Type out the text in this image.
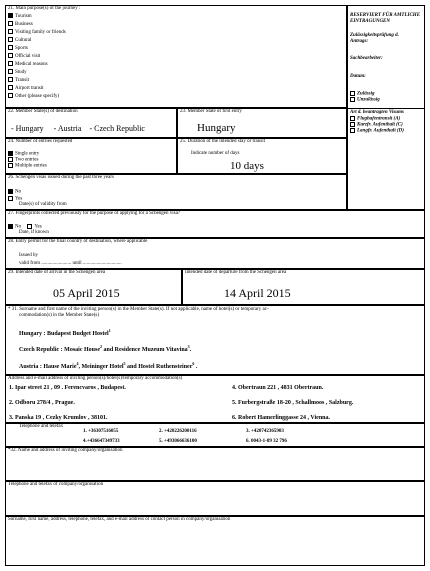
21. Main purpose(s) of the journey :
Tourism
Business
Visiting family or friends
Cultural
Sports
Official visit
Medical reasons
Study
Transit
Airport transit
Other (please specify)
RESERVIERT FÜR AMTLICHE EINTRAGUNGEN
Zulässigkeitsprüfung d.
Antrags:
Sachbearbeiter:
Datum:
Zulässig
Unzulässig
Art d. beantragten Visums
Flughafentransit (A)
Kurzfr. Aufenthalt (C)
Langfr. Aufenthalt (D)
22. Member State(s) of destination
- Hungary - Austria - Czech Republic
23. Member State of first entry
Hungary
24. Number of entries requested
Single entry
Two entries
Multiple entries
25. Duration of the intended stay or transit
Indicate number of days
10 days
26. Schengen visas issued during the past three years
No
Yes
Date(s) of validity from
27. Fingerprints collected previously for the purpose of applying for a Schengen visa?
No	Yes
Date, if known
28. Entry permit for the final country of destination, where applicable
Issued by
valid from ........................ until ...............................
29. Intended date of arrival in the Schengen area
05 April 2015
Intended date of departure from the Schengen area
14 April 2015
* 31. Surname and first name of the inviting person(s) in the Member State(s). If not applicable, name of hotel(s) or temporary ac-
commodation(s) in the Member State(s)
Hungary : Budapest Budget Hostel$^1$
Czech Republic : Mosaic House$^2$ and Residence Muzeum Vitavina$^3$.
Austria : Hause Marie$^4$, Meininger Hotel$^5$ and Hostel Ruthensteiner$^6$ .
Address and e-mail address of inviting person(s)/hotel(s)/temporary accommodation(s)
1. Ipar street 21 , 09 . Ferencvaros , Budapest.
2. Odboru 278/4 , Prague.
3. Panska 19 , Cezky Krumlov , 38101.
4. Obertraun 221 , 4831 Obertraun.
5. Furbergstraße 18-20 , Schallmoos , Salzburg.
6. Robert Hamerlinggasse 24 , Vienna.
Telephone and telefax
1. +36307516055	2. +420226200116	3. +420742365903
4.+436647349733	5. +493066636100	6. 0043-1-89 32 796
*32. Name and address of inviting company/organisation
Telephone and telefax of company/organisation
Surname, first name, address, telephone, telefax, and e-mail address of contact person in company/organisation
